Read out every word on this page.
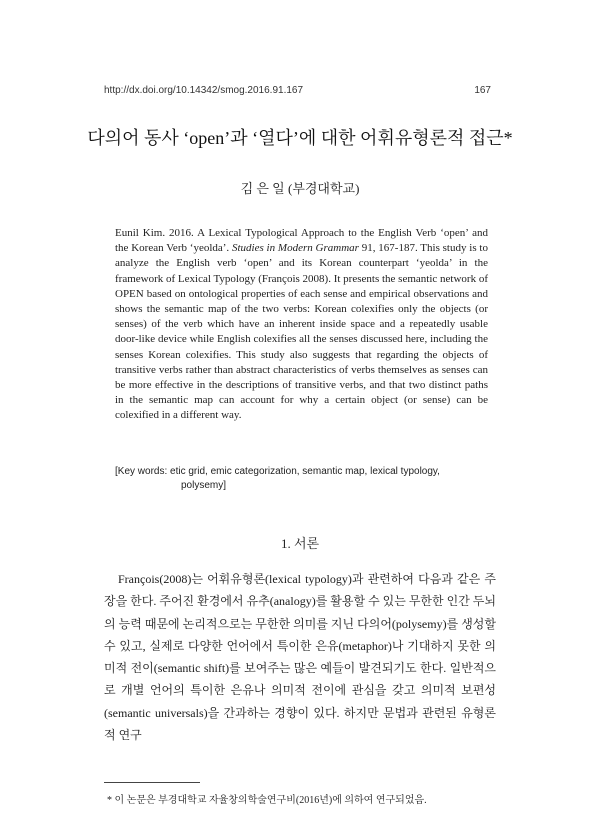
http://dx.doi.org/10.14342/smog.2016.91.167	167
다의어 동사 ‘open’과 ‘열다’에 대한 어휘유형론적 접근*
김 은 일 (부경대학교)
Eunil Kim. 2016. A Lexical Typological Approach to the English Verb ‘open’ and the Korean Verb ‘yeolda’. Studies in Modern Grammar 91, 167-187. This study is to analyze the English verb ‘open’ and its Korean counterpart ‘yeolda’ in the framework of Lexical Typology (François 2008). It presents the semantic network of OPEN based on ontological properties of each sense and empirical observations and shows the semantic map of the two verbs: Korean colexifies only the objects (or senses) of the verb which have an inherent inside space and a repeatedly usable door-like device while English colexifies all the senses discussed here, including the senses Korean colexifies. This study also suggests that regarding the objects of transitive verbs rather than abstract characteristics of verbs themselves as senses can be more effective in the descriptions of transitive verbs, and that two distinct paths in the semantic map can account for why a certain object (or sense) can be colexified in a different way.
[Key words: etic grid, emic categorization, semantic map, lexical typology,
polysemy]
1. 서론

François(2008)는 어휘유형론(lexical typology)과 관련하여 다음과 같은 주장을 한다. 주어진 환경에서 유추(analogy)를 활용할 수 있는 무한한 인간 두뇌의 능력 때문에 논리적으로는 무한한 의미를 지닌 다의어(polysemy)를 생성할 수 있고, 실제로 다양한 언어에서 특이한 은유(metaphor)나 기대하지 못한 의미적 전이(semantic shift)를 보여주는 많은 예들이 발견되기도 한다. 일반적으로 개별 언어의 특이한 은유나 의미적 전이에 관심을 갖고 의미적 보편성(semantic universals)을 간과하는 경향이 있다. 하지만 문법과 관련된 유형론적 연구

* 이 논문은 부경대학교 자율창의학술연구비(2016년)에 의하여 연구되었음.
